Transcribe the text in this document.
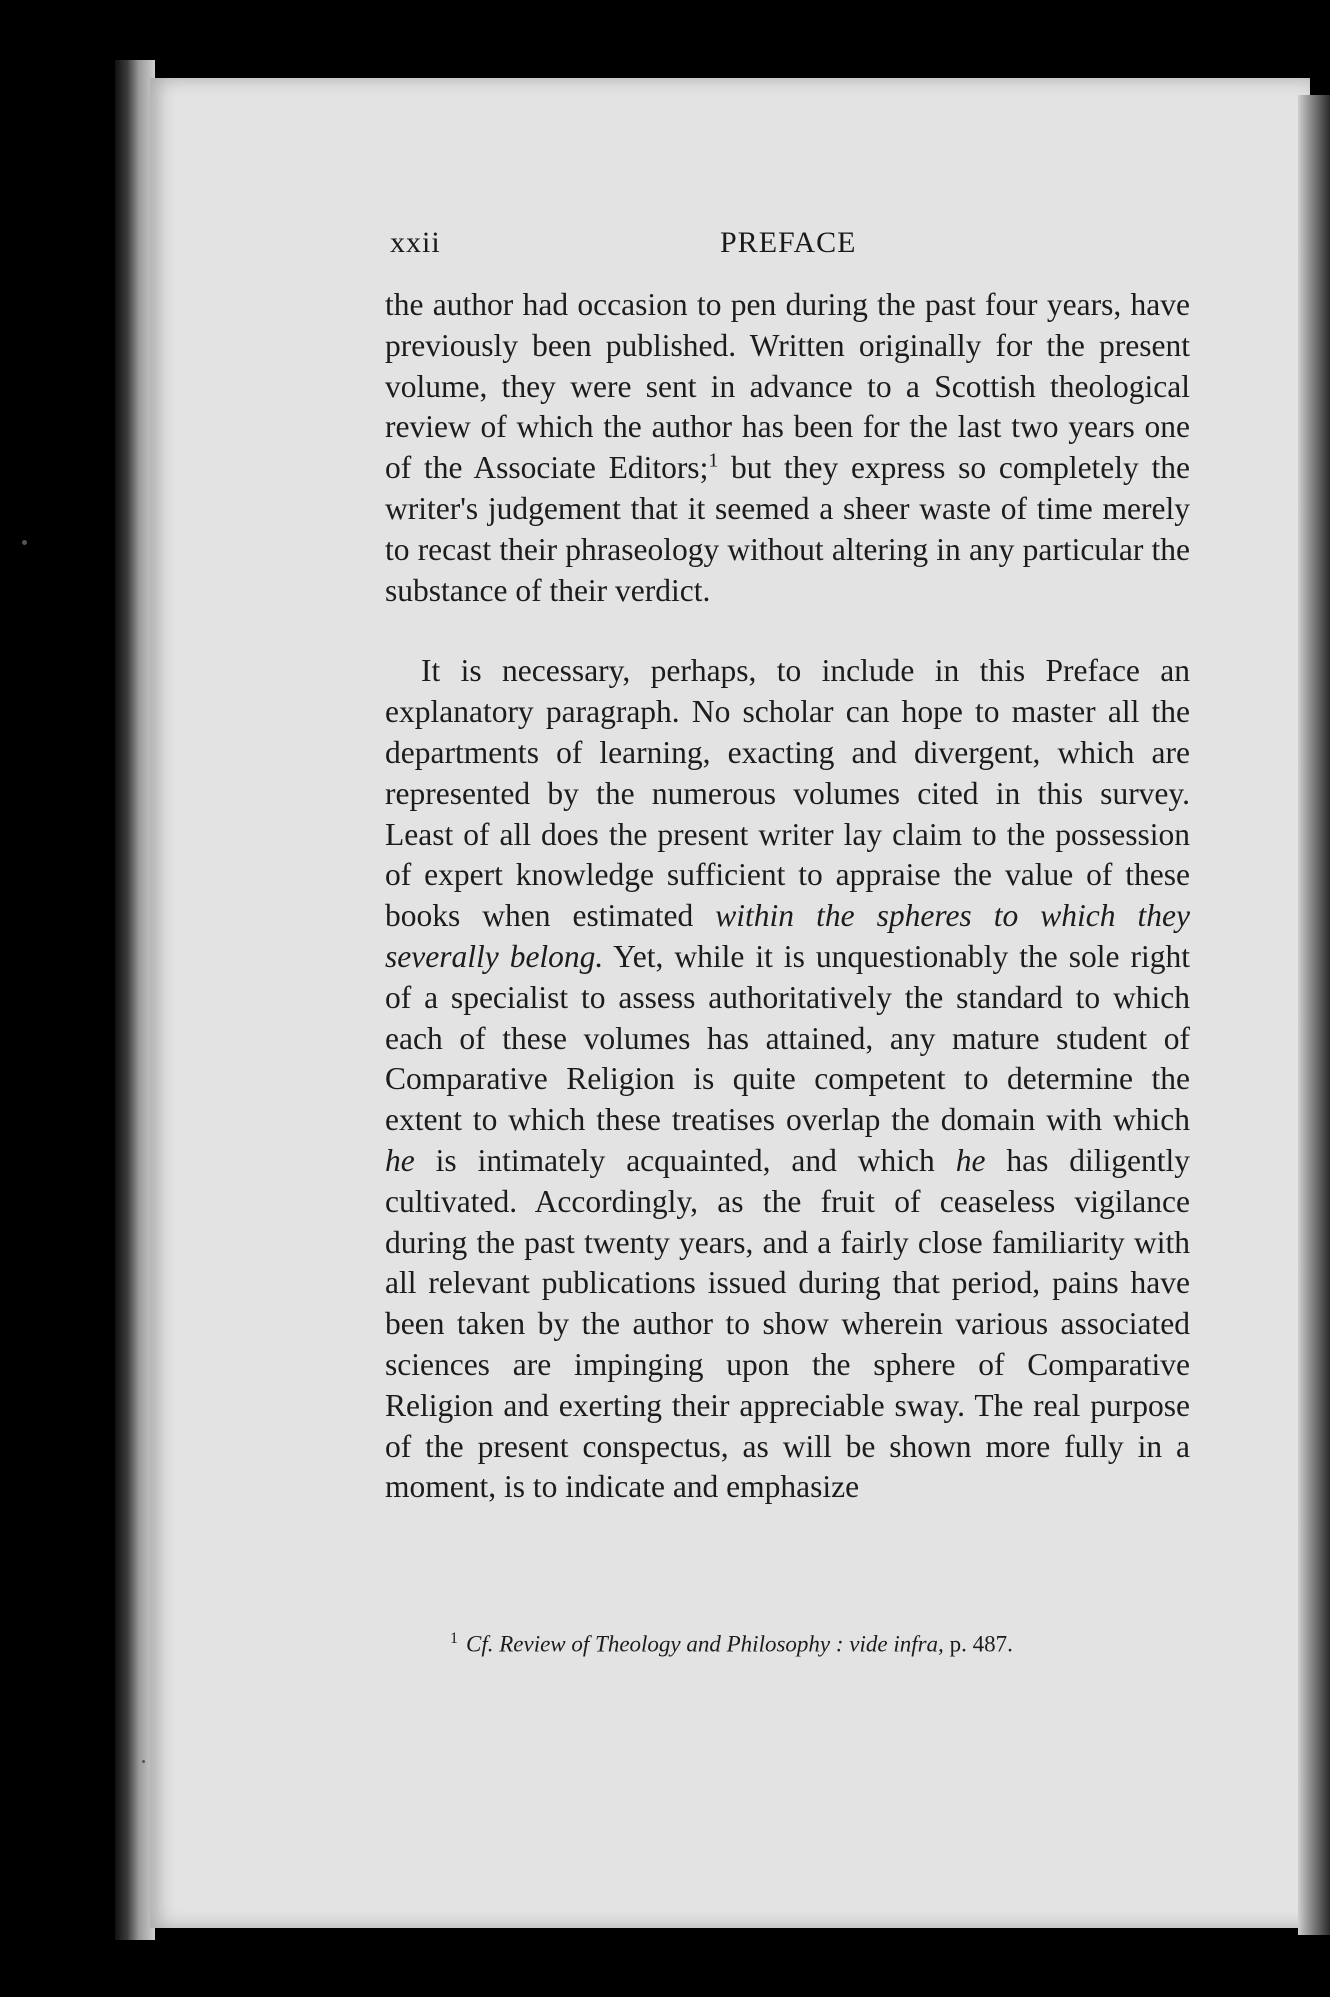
xxii	PREFACE

the author had occasion to pen during the past four years, have previously been published. Written originally for the present volume, they were sent in advance to a Scottish theological review of which the author has been for the last two years one of the Associate Editors;$^1$ but they express so completely the writer's judgement that it seemed a sheer waste of time merely to recast their phraseology without altering in any particular the substance of their verdict.

It is necessary, perhaps, to include in this Preface an explanatory paragraph. No scholar can hope to master all the departments of learning, exacting and divergent, which are represented by the numerous volumes cited in this survey. Least of all does the present writer lay claim to the possession of expert knowledge sufficient to appraise the value of these books when estimated within the spheres to which they severally belong. Yet, while it is unquestionably the sole right of a specialist to assess authoritatively the standard to which each of these volumes has attained, any mature student of Comparative Religion is quite competent to determine the extent to which these treatises overlap the domain with which he is intimately acquainted, and which he has diligently cultivated. Accordingly, as the fruit of ceaseless vigilance during the past twenty years, and a fairly close familiarity with all relevant publications issued during that period, pains have been taken by the author to show wherein various associated sciences are impinging upon the sphere of Comparative Religion and exerting their appreciable sway. The real purpose of the present conspectus, as will be shown more fully in a moment, is to indicate and emphasize

$^1$ Cf. Review of Theology and Philosophy : vide infra, p. 487.
